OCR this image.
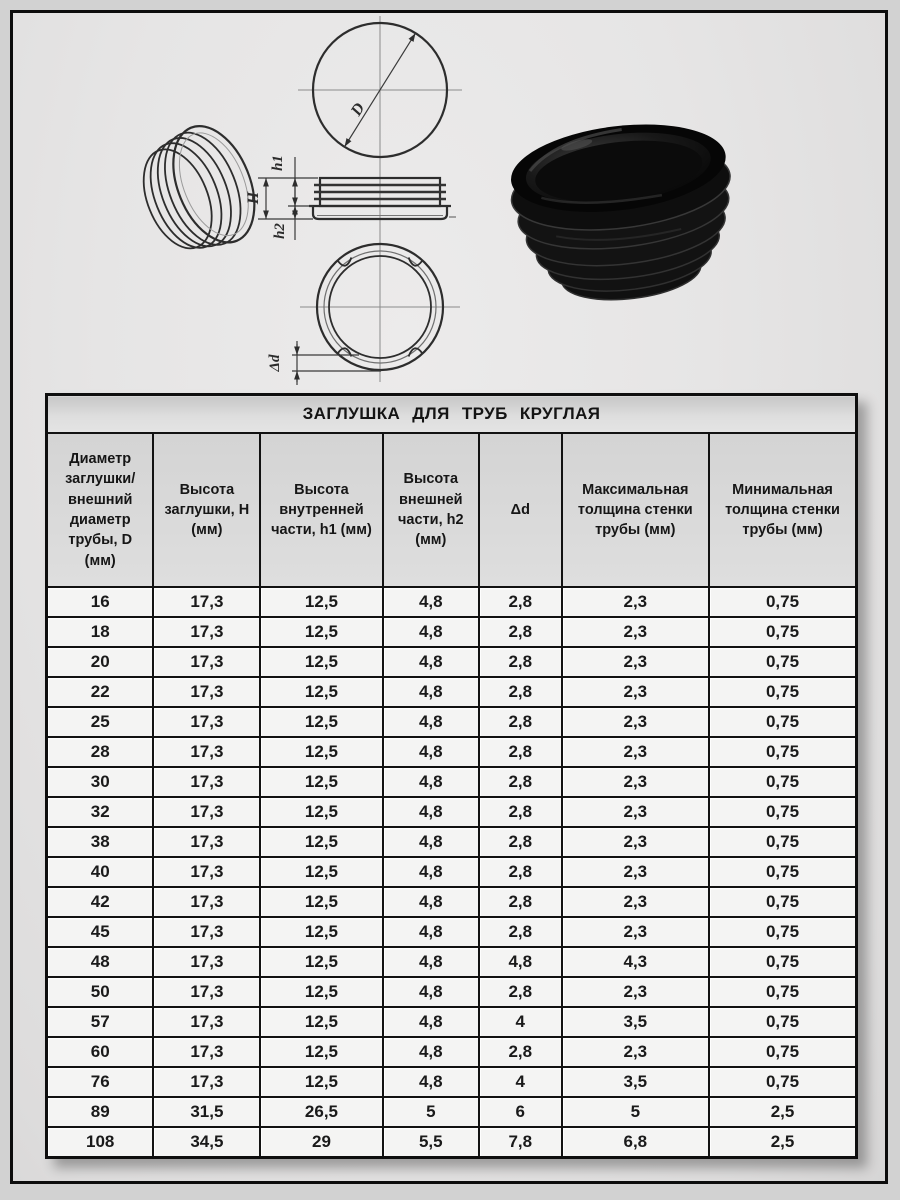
D
h1
H
h2
Δd
ЗАГЛУШКА ДЛЯ ТРУБ КРУГЛАЯ						
Диаметр заглушки/ внешний диаметр трубы, D (мм)	Высота заглушки, H (мм)	Высота внутренней части, h1 (мм)	Высота внешней части, h2 (мм)	Δd	Максимальная толщина стенки трубы (мм)	Минимальная толщина стенки трубы (мм)
16	17,3	12,5	4,8	2,8	2,3	0,75
18	17,3	12,5	4,8	2,8	2,3	0,75
20	17,3	12,5	4,8	2,8	2,3	0,75
22	17,3	12,5	4,8	2,8	2,3	0,75
25	17,3	12,5	4,8	2,8	2,3	0,75
28	17,3	12,5	4,8	2,8	2,3	0,75
30	17,3	12,5	4,8	2,8	2,3	0,75
32	17,3	12,5	4,8	2,8	2,3	0,75
38	17,3	12,5	4,8	2,8	2,3	0,75
40	17,3	12,5	4,8	2,8	2,3	0,75
42	17,3	12,5	4,8	2,8	2,3	0,75
45	17,3	12,5	4,8	2,8	2,3	0,75
48	17,3	12,5	4,8	4,8	4,3	0,75
50	17,3	12,5	4,8	2,8	2,3	0,75
57	17,3	12,5	4,8	4	3,5	0,75
60	17,3	12,5	4,8	2,8	2,3	0,75
76	17,3	12,5	4,8	4	3,5	0,75
89	31,5	26,5	5	6	5	2,5
108	34,5	29	5,5	7,8	6,8	2,5
